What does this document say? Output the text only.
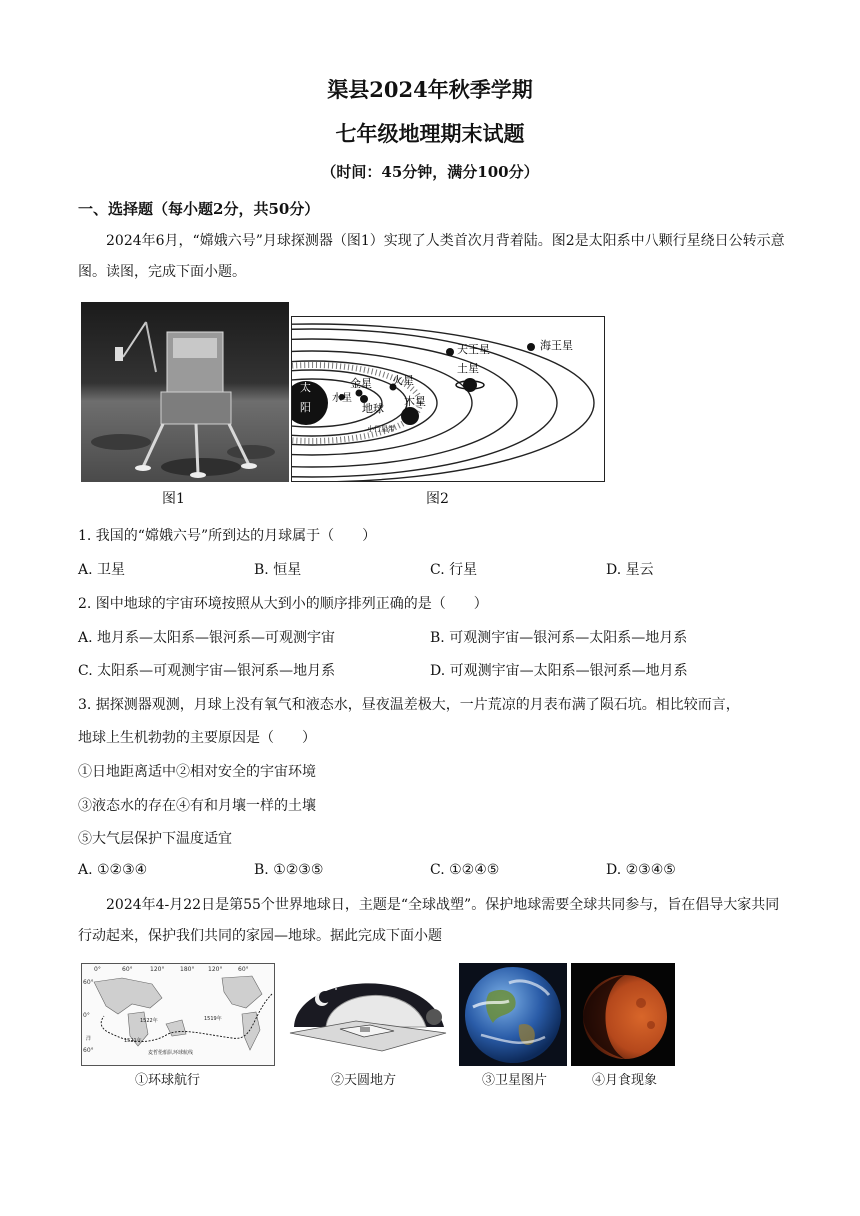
渠县2024年秋季学期
七年级地理期末试题
（时间：45分钟，满分100分）
一、选择题（每小题2分，共50分）
2024年6月，“嫦娥六号”月球探测器（图1）实现了人类首次月背着陆。图2是太阳系中八颗行星绕日公转示意图。读图，完成下面小题。
太
阳
水星
金星
地球
火星
木星
小行星带
土星
天王星	海王星
图1	图2
1. 我国的“嫦娥六号”所到达的月球属于（　　）
A. 卫星	B. 恒星	C. 行星	D. 星云
2. 图中地球的宇宙环境按照从大到小的顺序排列正确的是（　　）
A. 地月系—太阳系—银河系—可观测宇宙	B. 可观测宇宙—银河系—太阳系—地月系
C. 太阳系—可观测宇宙—银河系—地月系	D. 可观测宇宙—太阳系—银河系—地月系
3. 据探测器观测，月球上没有氧气和液态水，昼夜温差极大，一片荒凉的月表布满了陨石坑。相比较而言，
地球上生机勃勃的主要原因是（　　）
①日地距离适中②相对安全的宇宙环境
③液态水的存在④有和月壤一样的土壤
⑤大气层保护下温度适宜
A. ①②③④	B. ①②③⑤	C. ①②④⑤	D. ②③④⑤
2024年4-月22日是第55个世界地球日，主题是“全球战塑”。保护地球需要全球共同参与，旨在倡导大家共同行动起来，保护我们共同的家园—地球。据此完成下面小题
0°	60°	120°	180° 120°	60°
60°
0°
60°
1519年
1521年
1522年
麦哲伦船队环球航线
洋
①环球航行	②天圆地方	③卫星图片	④月食现象
